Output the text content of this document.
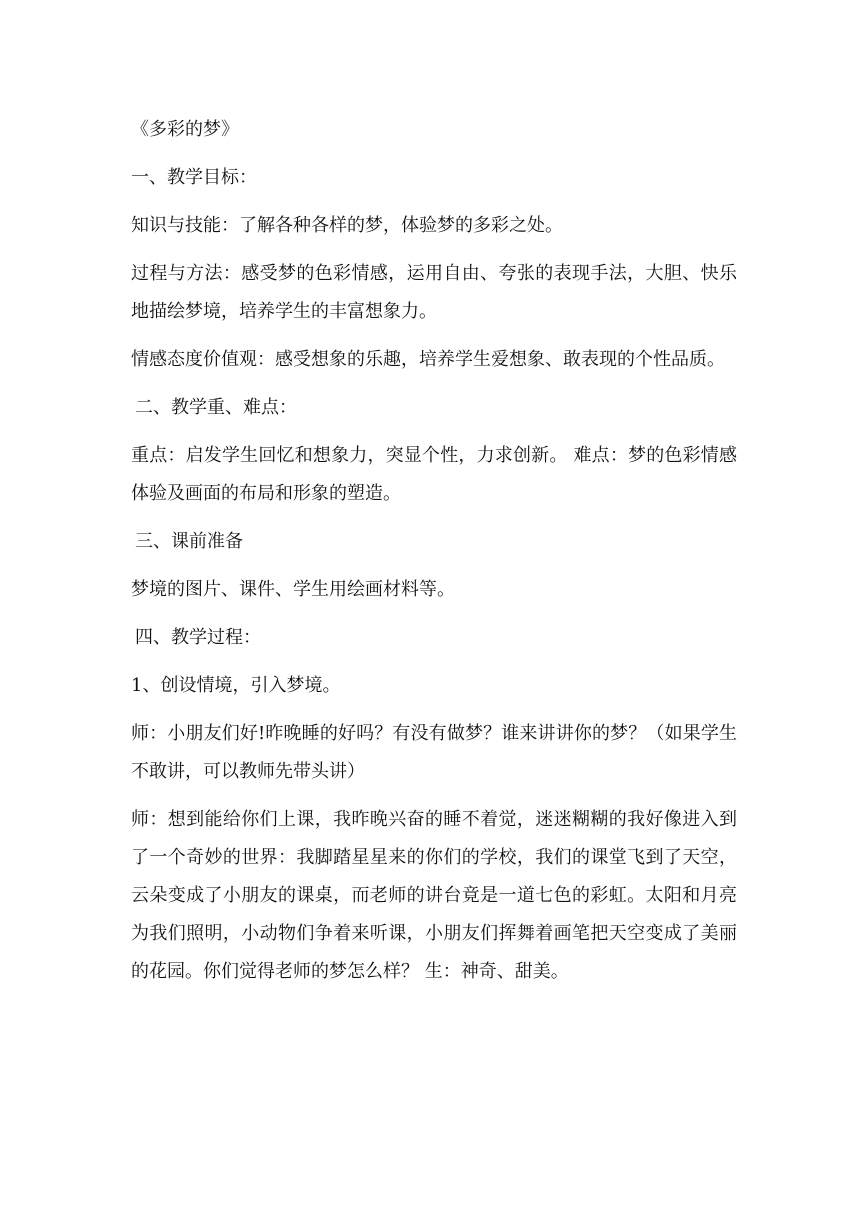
《多彩的梦》

一、教学目标：

知识与技能：了解各种各样的梦，体验梦的多彩之处。

过程与方法：感受梦的色彩情感，运用自由、夸张的表现手法，大胆、快乐地描绘梦境，培养学生的丰富想象力。

情感态度价值观：感受想象的乐趣，培养学生爱想象、敢表现的个性品质。

二、教学重、难点：

重点：启发学生回忆和想象力，突显个性，力求创新。 难点：梦的色彩情感体验及画面的布局和形象的塑造。

三、课前准备

梦境的图片、课件、学生用绘画材料等。

四、教学过程：

1、创设情境，引入梦境。

师：小朋友们好!昨晚睡的好吗？有没有做梦？谁来讲讲你的梦？（如果学生不敢讲，可以教师先带头讲）

师：想到能给你们上课，我昨晚兴奋的睡不着觉，迷迷糊糊的我好像进入到了一个奇妙的世界：我脚踏星星来的你们的学校，我们的课堂飞到了天空，云朵变成了小朋友的课桌，而老师的讲台竟是一道七色的彩虹。太阳和月亮为我们照明，小动物们争着来听课，小朋友们挥舞着画笔把天空变成了美丽的花园。你们觉得老师的梦怎么样？ 生：神奇、甜美。
